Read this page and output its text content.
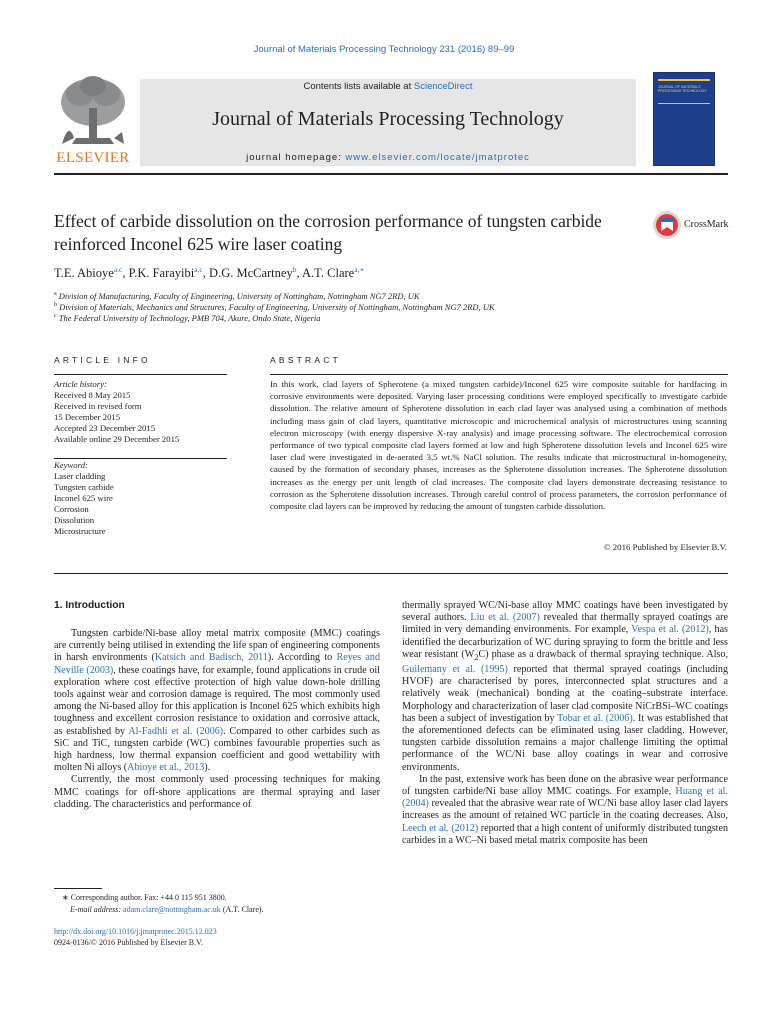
Journal of Materials Processing Technology 231 (2016) 89–99
ELSEVIER
Contents lists available at ScienceDirect
Journal of Materials Processing Technology
journal homepage: www.elsevier.com/locate/jmatprotec
JOURNAL OF MATERIALS PROCESSING TECHNOLOGY
Effect of carbide dissolution on the corrosion performance of tungsten carbide reinforced Inconel 625 wire laser coating
CrossMark
T.E. Abioye$^{a,c}$, P.K. Farayibi$^{a,c}$, D.G. McCartney$^b$, A.T. Clare$^{a,∗}$
$^a$ Division of Manufacturing, Faculty of Engineering, University of Nottingham, Nottingham NG7 2RD, UK
$^b$ Division of Materials, Mechanics and Structures, Faculty of Engineering, University of Nottingham, Nottingham NG7 2RD, UK
$^c$ The Federal University of Technology, PMB 704, Akure, Ondo State, Nigeria
ARTICLE INFO
Article history:
Received 8 May 2015
Received in revised form
15 December 2015
Accepted 23 December 2015
Available online 29 December 2015
Keyword:
Laser cladding
Tungsten carbide
Inconel 625 wire
Corrosion
Dissolution
Microstructure
ABSTRACT
In this work, clad layers of Spherotene (a mixed tungsten carbide)/Inconel 625 wire composite suitable for hardfacing in corrosive environments were deposited. Varying laser processing conditions were employed specifically to investigate carbide dissolution. The relative amount of Spherotene dissolution in each clad layer was analysed using a combination of methods including mass gain of clad layers, quantitative microscopic and microchemical analysis of microstructures using scanning electron microscopy (with energy dispersive X-ray analysis) and image processing software. The electrochemical corrosion performance of two typical composite clad layers formed at low and high Spherotene dissolution levels and Inconel 625 wire laser clad were investigated in de-aerated 3.5 wt.% NaCl solution. The results indicate that microstructural in-homogeneity, caused by the formation of secondary phases, increases as the Spherotene dissolution increases. The Spherotene dissolution increases as the energy per unit length of clad increases. The composite clad layers demonstrate decreasing resistance to corrosion as the Spherotene dissolution increases. Through careful control of process parameters, the corrosion performance of composite clad layers can be improved by reducing the amount of tungsten carbide dissolution.
© 2016 Published by Elsevier B.V.
1. Introduction

Tungsten carbide/Ni-base alloy metal matrix composite (MMC) coatings are currently being utilised in extending the life span of engineering components in harsh environments (Katsich and Badisch, 2011). According to Reyes and Neville (2003), these coatings have, for example, found applications in crude oil exploration where cost effective protection of high value down-hole drilling tools against wear and corrosion damage is required. The most commonly used among the Ni-based alloy for this application is Inconel 625 which exhibits high toughness and excellent corrosion resistance to oxidation and corrosive attack, as established by Al-Fadhli et al. (2006). Compared to other carbides such as SiC and TiC, tungsten carbide (WC) combines favourable properties such as high hardness, low thermal expansion coefficient and good wettability with molten Ni alloys (Abioye et al., 2013).

Currently, the most commonly used processing techniques for making MMC coatings for off-shore applications are thermal spraying and laser cladding. The characteristics and performance of

thermally sprayed WC/Ni-base alloy MMC coatings have been investigated by several authors. Liu et al. (2007) revealed that thermally sprayed coatings are limited in very demanding environments. For example, Vespa et al. (2012), has identified the decarburization of WC during spraying to form the brittle and less wear resistant $(W_2C)$ phase as a drawback of thermal spraying technique. Also, Guilemany et al. (1995) reported that thermal sprayed coatings (including HVOF) are characterised by pores, interconnected splat structures and a relatively weak (mechanical) bonding at the coating–substrate interface. Morphology and characterization of laser clad composite NiCrBSi–WC coatings has been a subject of investigation by Tobar et al. (2006). It was established that the aforementioned defects can be eliminated using laser cladding. However, tungsten carbide dissolution remains a major challenge limiting the optimal performance of the WC/Ni base alloy coatings in wear and corrosive environments.

In the past, extensive work has been done on the abrasive wear performance of tungsten carbide/Ni base alloy MMC coatings. For example, Huang et al. (2004) revealed that the abrasive wear rate of WC/Ni base alloy laser clad layers increases as the amount of retained WC particle in the coating decreases. Also, Leech et al. (2012) reported that a high content of uniformly distributed tungsten carbides in a WC–Ni based metal matrix composite has been

∗ Corresponding author. Fax: +44 0 115 951 3800.
E-mail address: adam.clare@nottingham.ac.uk (A.T. Clare).
http://dx.doi.org/10.1016/j.jmatprotec.2015.12.023
0924-0136/© 2016 Published by Elsevier B.V.
